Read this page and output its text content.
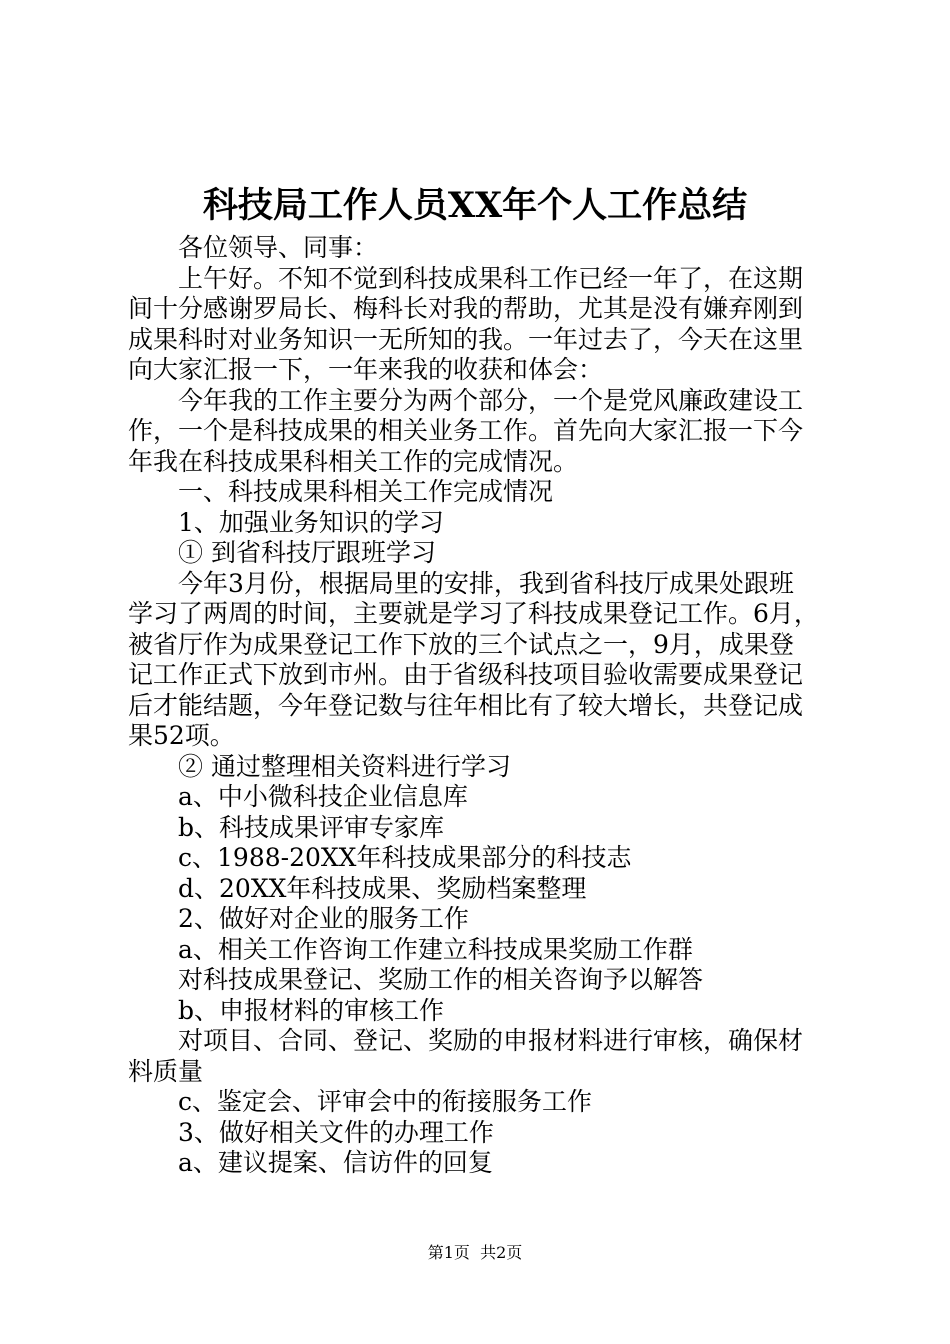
科技局工作人员XX年个人工作总结

各位领导、同事：

上午好。不知不觉到科技成果科工作已经一年了，在这期

间十分感谢罗局长、梅科长对我的帮助，尤其是没有嫌弃刚到

成果科时对业务知识一无所知的我。一年过去了，今天在这里

向大家汇报一下，一年来我的收获和体会：

今年我的工作主要分为两个部分，一个是党风廉政建设工

作，一个是科技成果的相关业务工作。首先向大家汇报一下今

年我在科技成果科相关工作的完成情况。

一、科技成果科相关工作完成情况

1、加强业务知识的学习

① 到省科技厅跟班学习

今年3月份，根据局里的安排，我到省科技厅成果处跟班

学习了两周的时间，主要就是学习了科技成果登记工作。6月，

被省厅作为成果登记工作下放的三个试点之一，9月，成果登

记工作正式下放到市州。由于省级科技项目验收需要成果登记

后才能结题，今年登记数与往年相比有了较大增长，共登记成

果52项。

② 通过整理相关资料进行学习

a、中小微科技企业信息库

b、科技成果评审专家库

c、1988-20XX年科技成果部分的科技志

d、20XX年科技成果、奖励档案整理

2、做好对企业的服务工作

a、相关工作咨询工作建立科技成果奖励工作群

对科技成果登记、奖励工作的相关咨询予以解答

b、申报材料的审核工作

对项目、合同、登记、奖励的申报材料进行审核，确保材

料质量

c、鉴定会、评审会中的衔接服务工作

3、做好相关文件的办理工作

a、建议提案、信访件的回复

第1页  共2页
